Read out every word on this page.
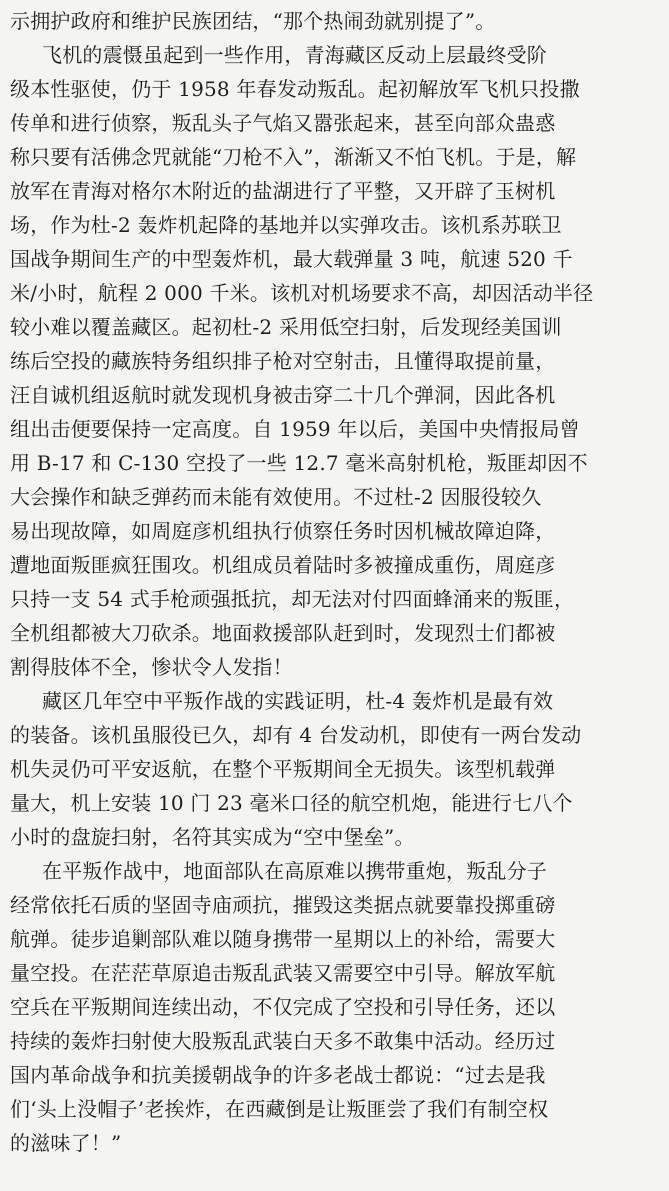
示拥护政府和维护民族团结，“那个热闹劲就别提了”。
飞机的震慑虽起到一些作用，青海藏区反动上层最终受阶
级本性驱使，仍于 1958 年春发动叛乱。起初解放军飞机只投撒
传单和进行侦察，叛乱头子气焰又嚣张起来，甚至向部众蛊惑
称只要有活佛念咒就能“刀枪不入”，渐渐又不怕飞机。于是，解
放军在青海对格尔木附近的盐湖进行了平整，又开辟了玉树机
场，作为杜-2 轰炸机起降的基地并以实弹攻击。该机系苏联卫
国战争期间生产的中型轰炸机，最大载弹量 3 吨，航速 520 千
米/小时，航程 2 000 千米。该机对机场要求不高，却因活动半径
较小难以覆盖藏区。起初杜-2 采用低空扫射，后发现经美国训
练后空投的藏族特务组织排子枪对空射击，且懂得取提前量，
汪自诚机组返航时就发现机身被击穿二十几个弹洞，因此各机
组出击便要保持一定高度。自 1959 年以后，美国中央情报局曾
用 B-17 和 C-130 空投了一些 12.7 毫米高射机枪，叛匪却因不
大会操作和缺乏弹药而未能有效使用。不过杜-2 因服役较久
易出现故障，如周庭彦机组执行侦察任务时因机械故障迫降，
遭地面叛匪疯狂围攻。机组成员着陆时多被撞成重伤，周庭彦
只持一支 54 式手枪顽强抵抗，却无法对付四面蜂涌来的叛匪，
全机组都被大刀砍杀。地面救援部队赶到时，发现烈士们都被
割得肢体不全，惨状令人发指！
藏区几年空中平叛作战的实践证明，杜-4 轰炸机是最有效
的装备。该机虽服役已久，却有 4 台发动机，即使有一两台发动
机失灵仍可平安返航，在整个平叛期间全无损失。该型机载弹
量大，机上安装 10 门 23 毫米口径的航空机炮，能进行七八个
小时的盘旋扫射，名符其实成为“空中堡垒”。
在平叛作战中，地面部队在高原难以携带重炮，叛乱分子
经常依托石质的坚固寺庙顽抗，摧毁这类据点就要靠投掷重磅
航弹。徒步追剿部队难以随身携带一星期以上的补给，需要大
量空投。在茫茫草原追击叛乱武装又需要空中引导。解放军航
空兵在平叛期间连续出动，不仅完成了空投和引导任务，还以
持续的轰炸扫射使大股叛乱武装白天多不敢集中活动。经历过
国内革命战争和抗美援朝战争的许多老战士都说：“过去是我
们‘头上没帽子’老挨炸，在西藏倒是让叛匪尝了我们有制空权
的滋味了！”
